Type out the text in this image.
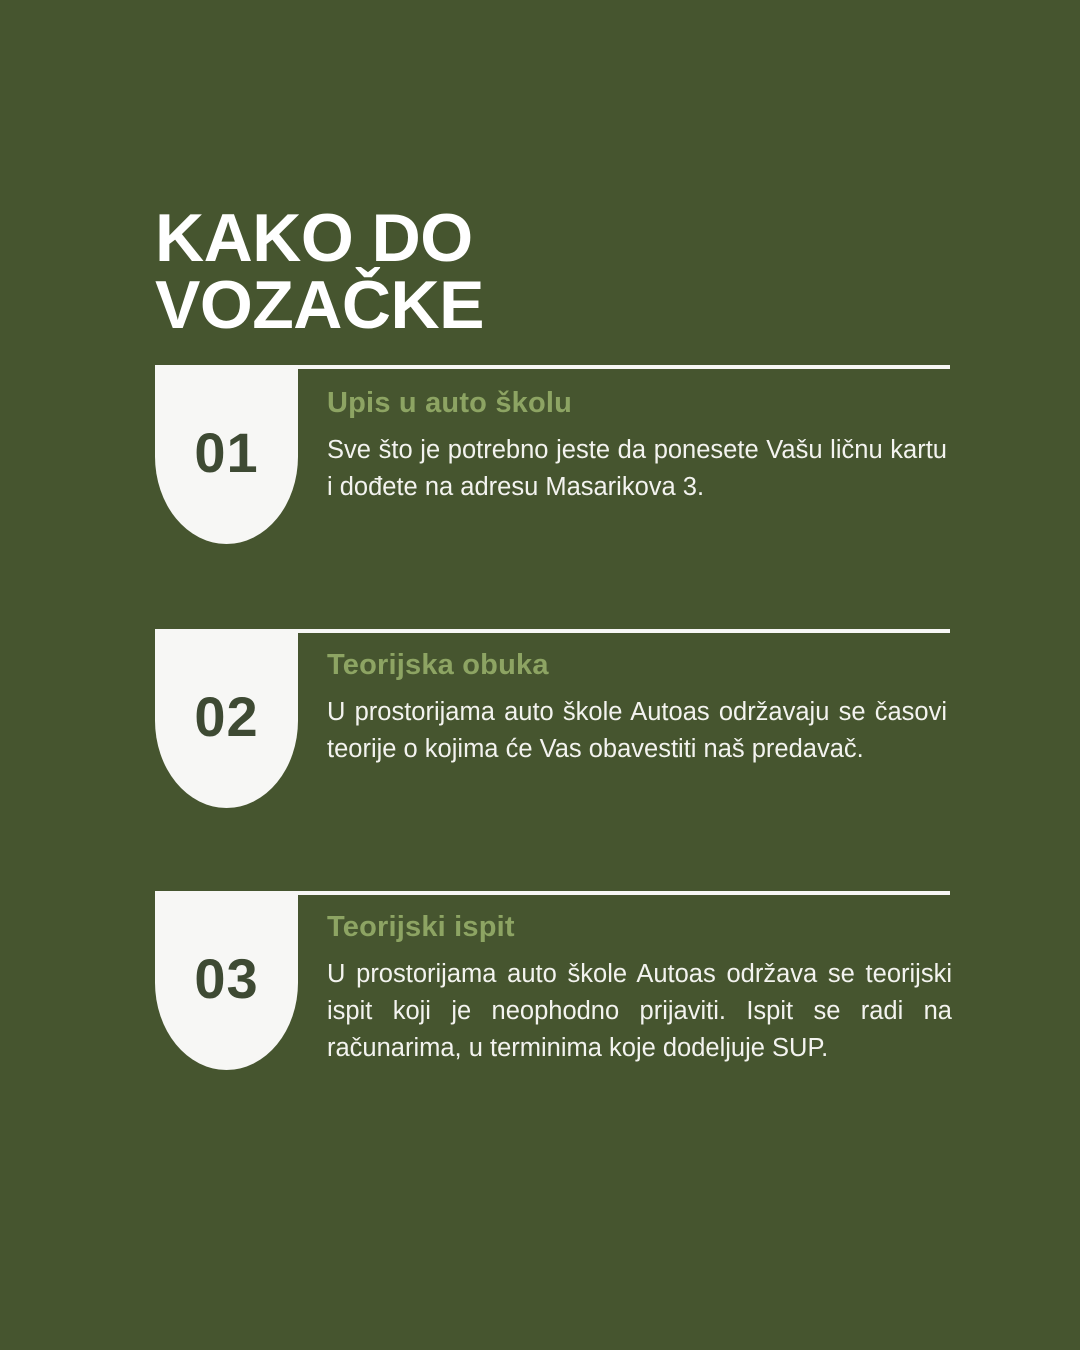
KAKO DO
VOZAČKE
01
Upis u auto školu
Sve što je potrebno jeste da ponesete Vašu ličnu kartu i dođete na adresu Masarikova 3.
02
Teorijska obuka
U prostorijama auto škole Autoas održavaju se časovi teorije o kojima će Vas obavestiti naš predavač.
03
Teorijski ispit
U prostorijama auto škole Autoas održava se teorijski ispit koji je neophodno prijaviti. Ispit se radi na računarima, u terminima koje dodeljuje SUP.
